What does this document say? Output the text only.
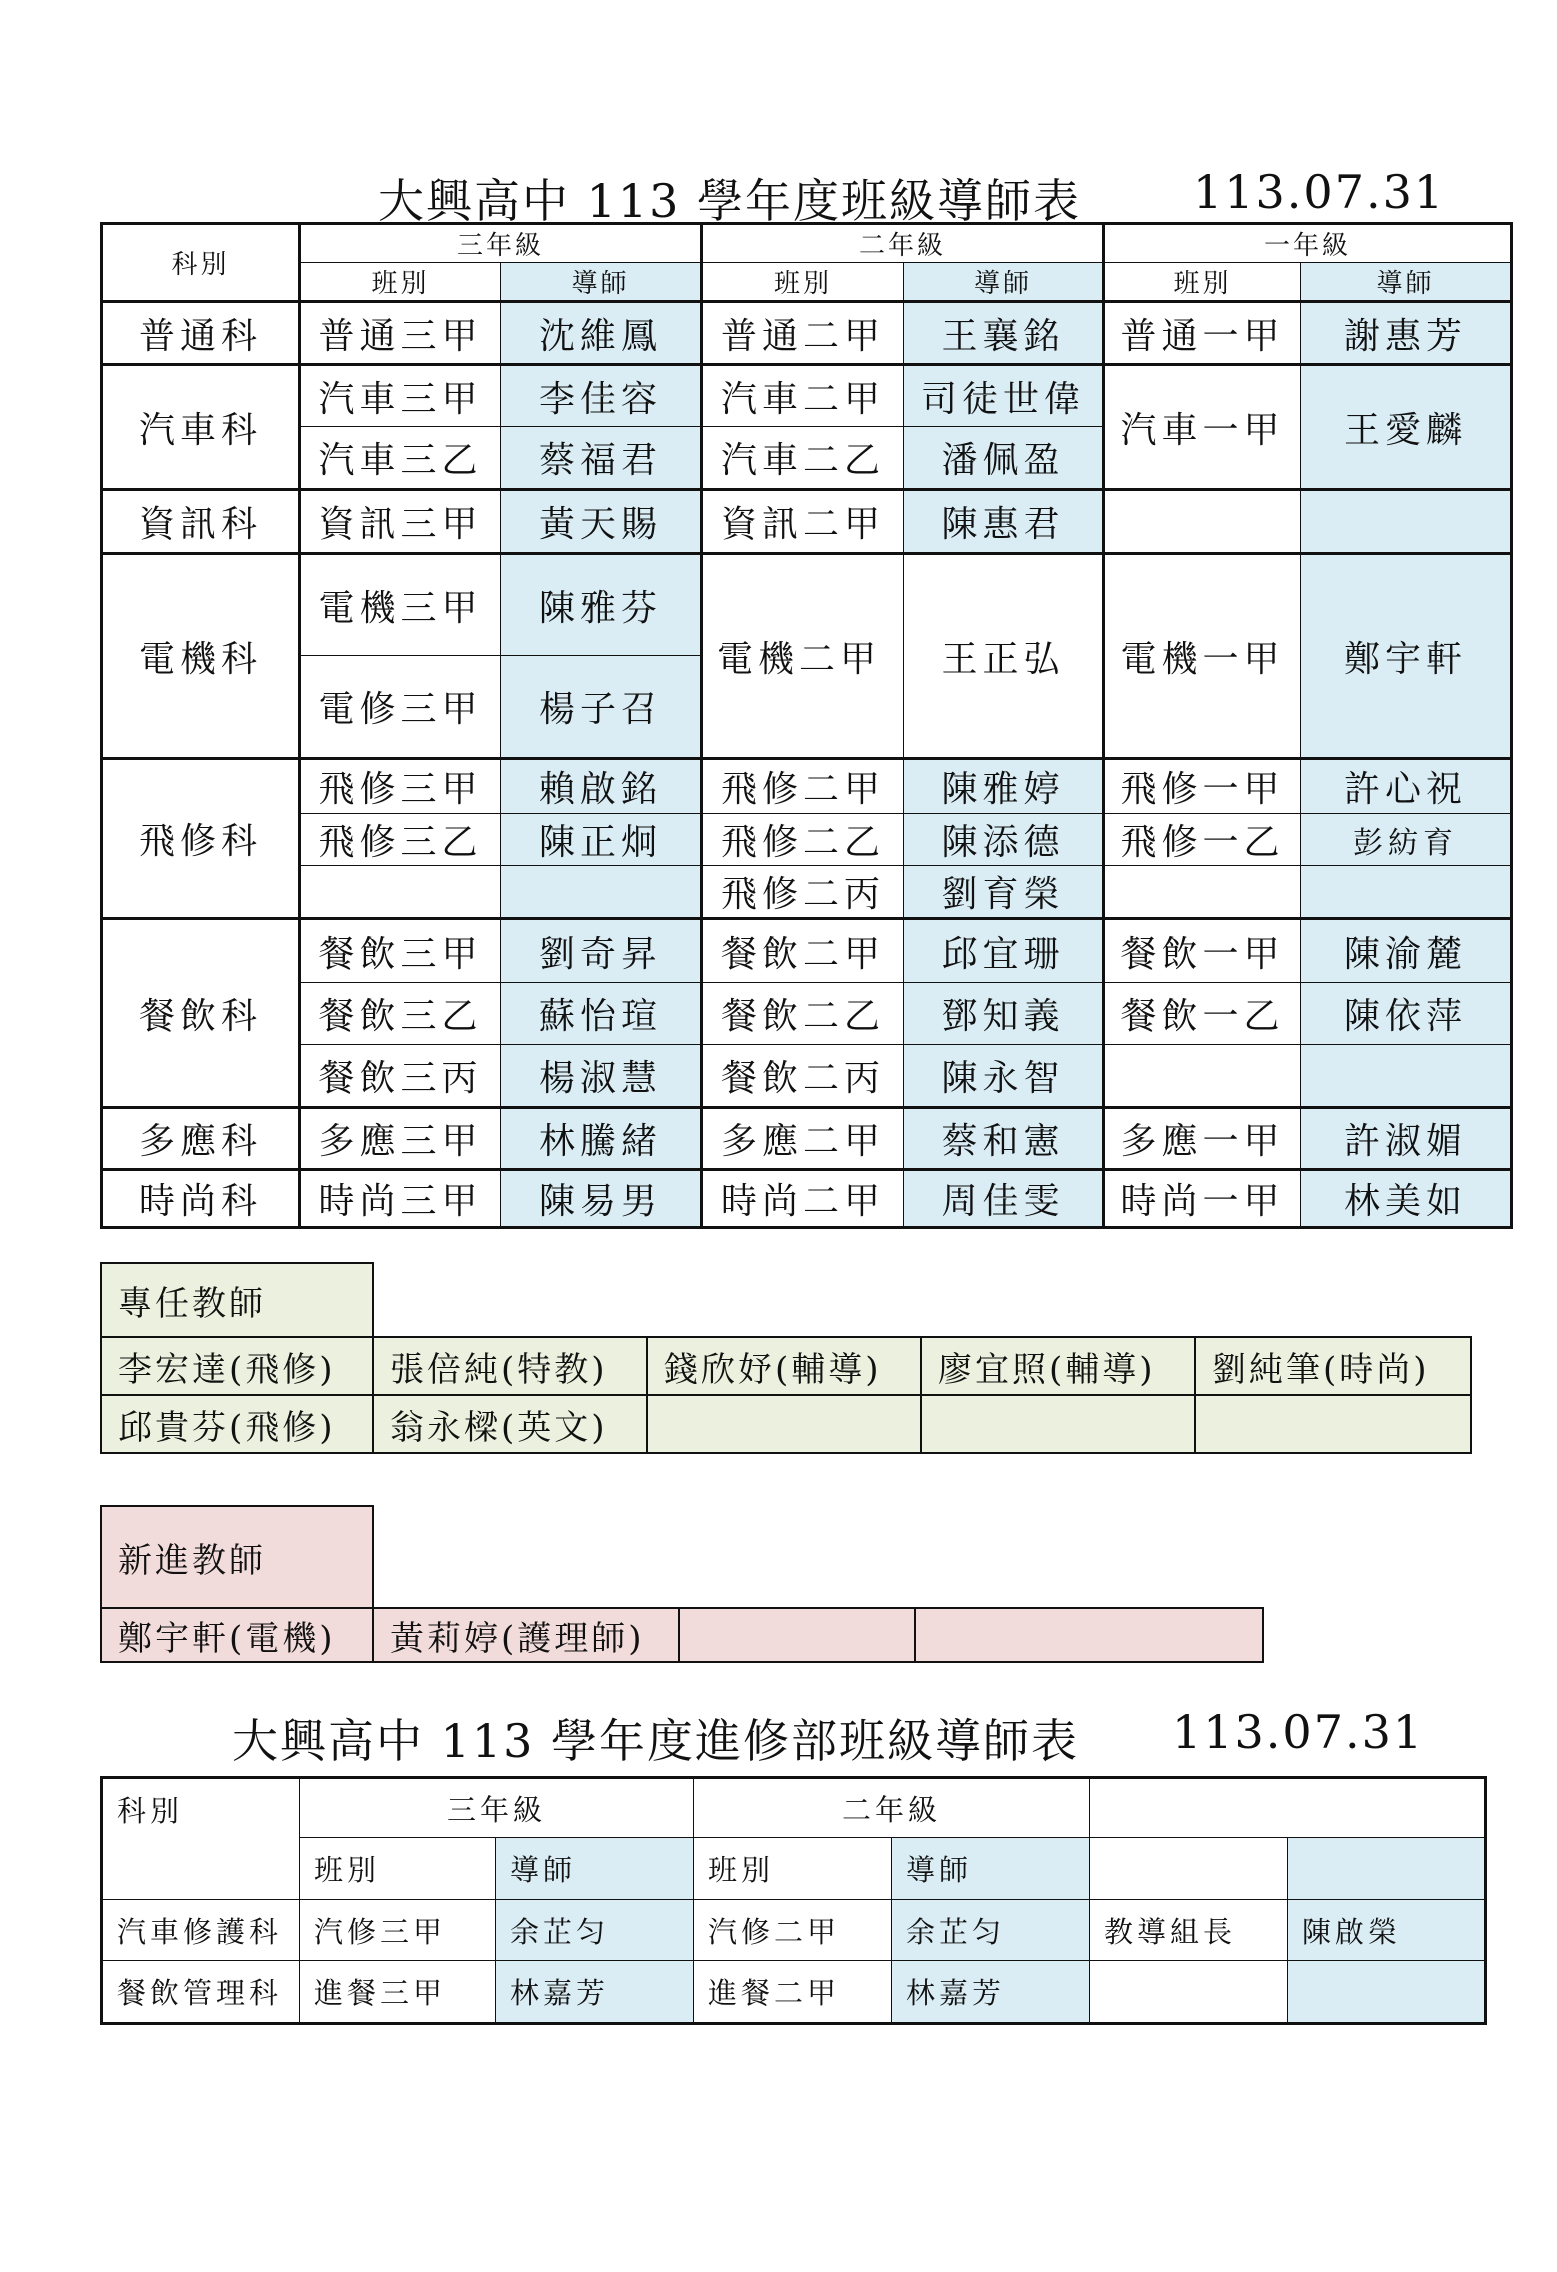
大興高中 113 學年度班級導師表 113.07.31
科別	三年級		二年級		一年級	
	班別	導師	班別	導師	班別	導師
普通科	普通三甲	沈維鳳	普通二甲	王襄銘	普通一甲	謝惠芳
汽車科	汽車三甲	李佳容	汽車二甲	司徒世偉	汽車一甲	王愛麟
	汽車三乙	蔡福君	汽車二乙	潘佩盈		
資訊科	資訊三甲	黃天賜	資訊二甲	陳惠君		
電機科	電機三甲	陳雅芬	電機二甲	王正弘	電機一甲	鄭宇軒
	電修三甲	楊子召				
飛修科	飛修三甲	賴啟銘	飛修二甲	陳雅婷	飛修一甲	許心祝
	飛修三乙	陳正炯	飛修二乙	陳添德	飛修一乙	彭紡育
			飛修二丙	劉育榮		
餐飲科	餐飲三甲	劉奇昇	餐飲二甲	邱宜珊	餐飲一甲	陳渝麓
	餐飲三乙	蘇怡瑄	餐飲二乙	鄧知義	餐飲一乙	陳依萍
	餐飲三丙	楊淑慧	餐飲二丙	陳永智		
多應科	多應三甲	林騰緒	多應二甲	蔡和憲	多應一甲	許淑媚
時尚科	時尚三甲	陳易男	時尚二甲	周佳雯	時尚一甲	林美如
專任教師				
李宏達(飛修)	張倍純(特教)	錢欣妤(輔導)	廖宜照(輔導)	劉純筆(時尚)
邱貴芬(飛修)	翁永樑(英文)			
新進教師				
鄭宇軒(電機)	黃莉婷(護理師)			
大興高中 113 學年度進修部班級導師表 113.07.31
科別	三年級		二年級			
	班別	導師	班別	導師		
汽車修護科	汽修三甲	余芷匀	汽修二甲	余芷匀	教導組長	陳啟榮
餐飲管理科	進餐三甲	林嘉芳	進餐二甲	林嘉芳		
